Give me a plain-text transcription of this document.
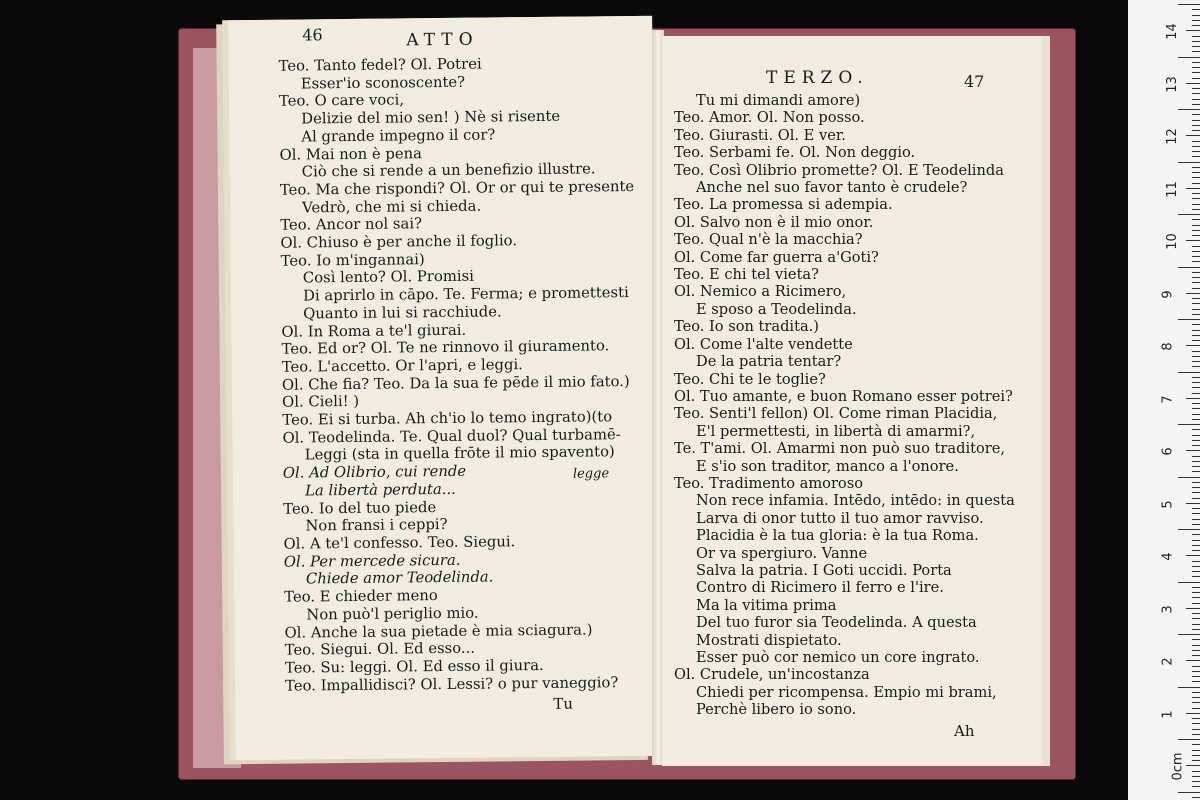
46	ATTO
Teo. Tanto fedel? Ol. Potrei
Esser'io sconoscente?
Teo. O care voci,
Delizie del mio sen! ) Nè si risente
Al grande impegno il cor?
Ol. Mai non è pena
Ciò che si rende a un benefizio illustre.
Teo. Ma che rispondi? Ol. Or or qui te presente
Vedrò, che mi si chieda.
Teo. Ancor nol sai?
Ol. Chiuso è per anche il foglio.
Teo. Io m'ingannai)
Così lento? Ol. Promisi
Di aprirlo in cāpo. Te. Ferma; e promettesti
Quanto in lui si racchiude.
Ol. In Roma a te'l giurai.
Teo. Ed or? Ol. Te ne rinnovo il giuramento.
Teo. L'accetto. Or l'apri, e leggi.
Ol. Che fia? Teo. Da la sua fe pēde il mio fato.)
Ol. Cieli! )
Teo. Ei si turba. Ah ch'io lo temo ingrato)(to
Ol. Teodelinda. Te. Qual duol? Qual turbamē-
Leggi (sta in quella frōte il mio spavento)
Ol. Ad Olibrio, cui rende
La libertà perduta...
Teo. Io del tuo piede
Non fransi i ceppi?
Ol. A te'l confesso. Teo. Siegui.
Ol. Per mercede sicura.
Chiede amor Teodelinda.
Teo. E chieder meno
Non può'l periglio mio.
Ol. Anche la sua pietade è mia sciagura.)
Teo. Siegui. Ol. Ed esso...
Teo. Su: leggi. Ol. Ed esso il giura.
Teo. Impallidisci? Ol. Lessi? o pur vaneggio?
legge
Tu
TERZO.	47
Tu mi dimandi amore)
Teo. Amor. Ol. Non posso.
Teo. Giurasti. Ol. E ver.
Teo. Serbami fe. Ol. Non deggio.
Teo. Così Olibrio promette? Ol. E Teodelinda
Anche nel suo favor tanto è crudele?
Teo. La promessa si adempia.
Ol. Salvo non è il mio onor.
Teo. Qual n'è la macchia?
Ol. Come far guerra a'Goti?
Teo. E chi tel vieta?
Ol. Nemico a Ricimero,
E sposo a Teodelinda.
Teo. Io son tradita.)
Ol. Come l'alte vendette
De la patria tentar?
Teo. Chi te le toglie?
Ol. Tuo amante, e buon Romano esser potrei?
Teo. Senti'l fellon) Ol. Come riman Placidia,
E'l permettesti, in libertà di amarmi?,
Te. T'ami. Ol. Amarmi non può suo traditore,
E s'io son traditor, manco a l'onore.
Teo. Tradimento amoroso
Non rece infamia. Intēdo, intēdo: in questa
Larva di onor tutto il tuo amor ravviso.
Placidia è la tua gloria: è la tua Roma.
Or va spergiuro. Vanne
Salva la patria. I Goti uccidi. Porta
Contro di Ricimero il ferro e l'ire.
Ma la vitima prima
Del tuo furor sia Teodelinda. A questa
Mostrati dispietato.
Esser può cor nemico un core ingrato.
Ol. Crudele, un'incostanza
Chiedi per ricompensa. Empio mi brami,
Perchè libero io sono.
Ah
14
13
12
11
10
9
8
7
6
5
4
3
2
1
0cm
